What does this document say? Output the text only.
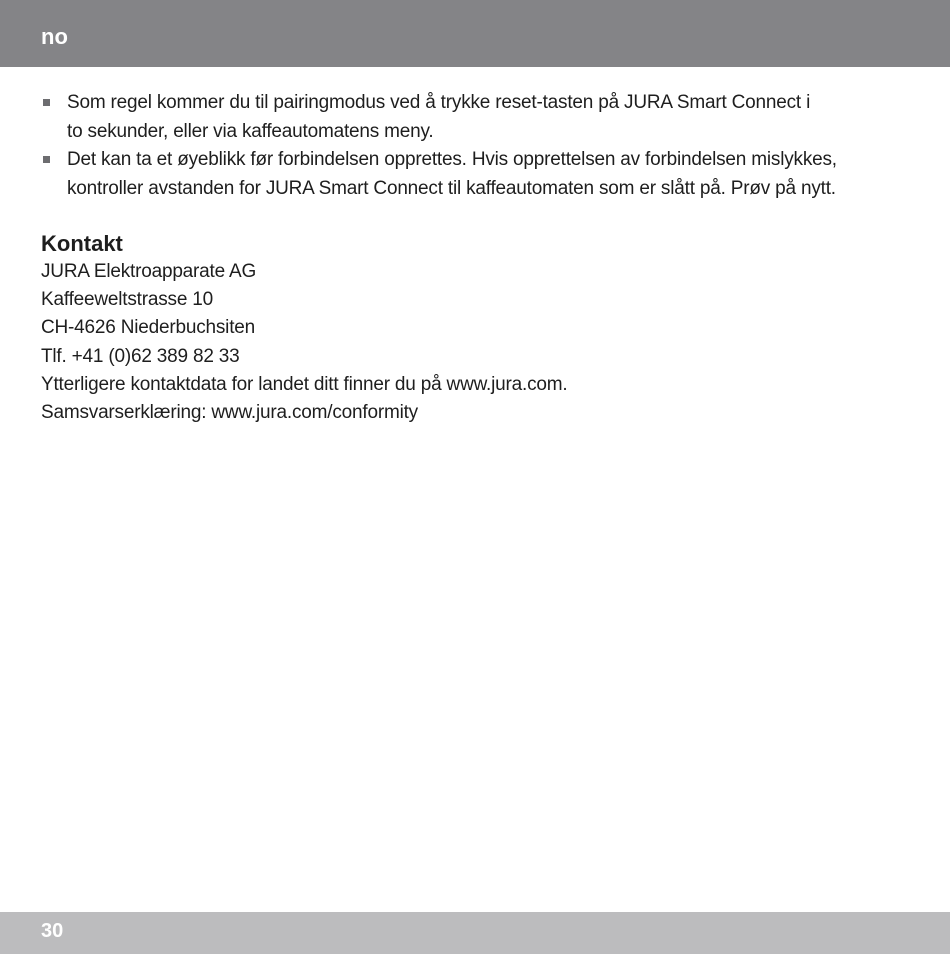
no
Som regel kommer du til pairingmodus ved å trykke reset-tasten på JURA Smart Connect i
to sekunder, eller via kaffeautomatens meny.
Det kan ta et øyeblikk før forbindelsen opprettes. Hvis opprettelsen av forbindelsen mislykkes,
kontroller avstanden for JURA Smart Connect til kaffeautomaten som er slått på. Prøv på nytt.
Kontakt
JURA Elektroapparate AG
Kaffeeweltstrasse 10
CH-4626 Niederbuchsiten
Tlf. +41 (0)62 389 82 33
Ytterligere kontaktdata for landet ditt finner du på www.jura.com.
Samsvarserklæring: www.jura.com/conformity
30
